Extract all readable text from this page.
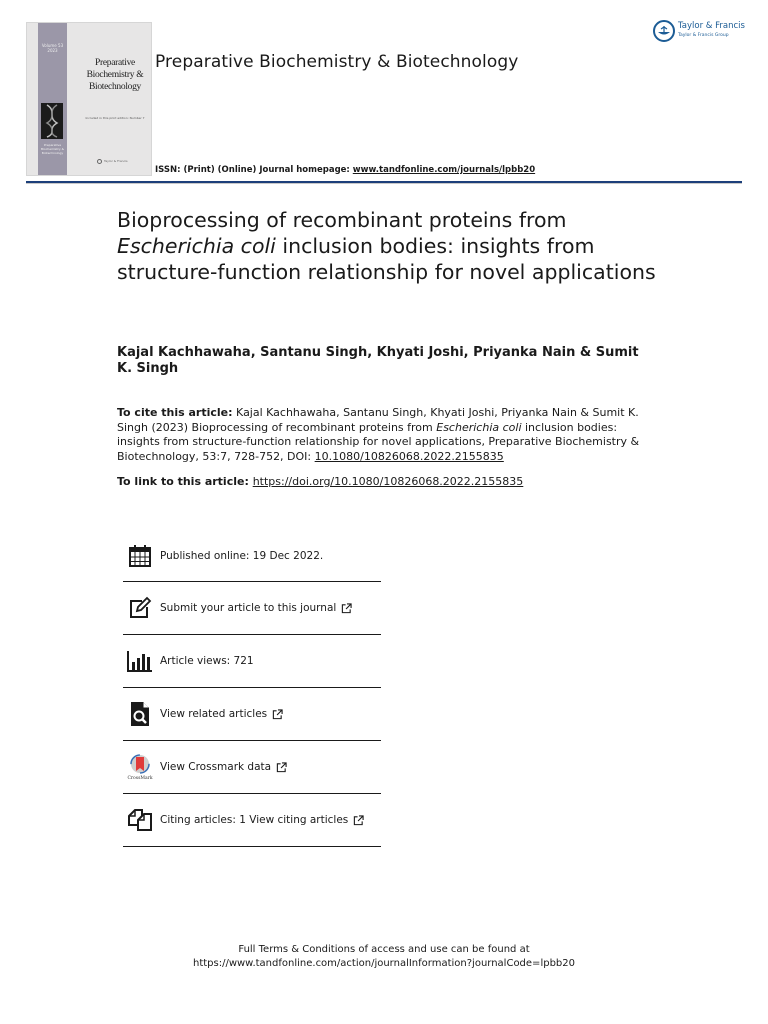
Volume 53 2023
Preparative Biochemistry & Biotechnology
Preparative Biochemistry & Biotechnology
Included in this print edition: Number 7
Taylor & Francis
Preparative Biochemistry & Biotechnology
Taylor & Francis
Taylor & Francis Group
ISSN: (Print) (Online) Journal homepage: www.tandfonline.com/journals/lpbb20
Bioprocessing of recombinant proteins from Escherichia coli inclusion bodies: insights from structure-function relationship for novel applications
Kajal Kachhawaha, Santanu Singh, Khyati Joshi, Priyanka Nain & Sumit K. Singh
To cite this article: Kajal Kachhawaha, Santanu Singh, Khyati Joshi, Priyanka Nain & Sumit K. Singh (2023) Bioprocessing of recombinant proteins from Escherichia coli inclusion bodies: insights from structure-function relationship for novel applications, Preparative Biochemistry & Biotechnology, 53:7, 728-752, DOI: 10.1080/10826068.2022.2155835
To link to this article: https://doi.org/10.1080/10826068.2022.2155835
Published online: 19 Dec 2022.
Submit your article to this journal
Article views: 721
View related articles
CrossMark
View Crossmark data
Citing articles: 1 View citing articles
Full Terms & Conditions of access and use can be found at
https://www.tandfonline.com/action/journalInformation?journalCode=lpbb20
